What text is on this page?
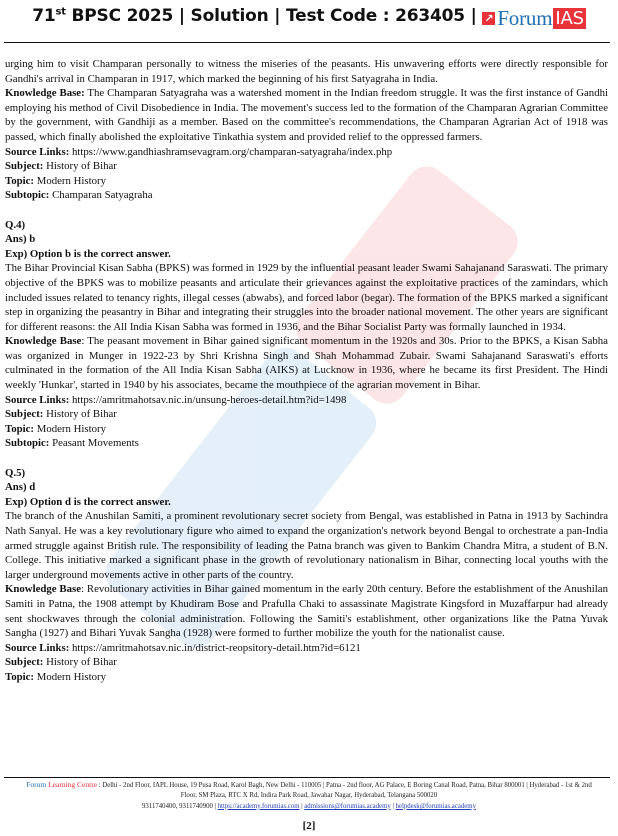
71st BPSC 2025 | Solution | Test Code : 263405 | ↗ Forum IAS

urging him to visit Champaran personally to witness the miseries of the peasants. His unwavering efforts were directly responsible for Gandhi's arrival in Champaran in 1917, which marked the beginning of his first Satyagraha in India.

Knowledge Base: The Champaran Satyagraha was a watershed moment in the Indian freedom struggle. It was the first instance of Gandhi employing his method of Civil Disobedience in India. The movement's success led to the formation of the Champaran Agrarian Committee by the government, with Gandhiji as a member. Based on the committee's recommendations, the Champaran Agrarian Act of 1918 was passed, which finally abolished the exploitative Tinkathia system and provided relief to the oppressed farmers.

Source Links: https://www.gandhiashramsevagram.org/champaran-satyagraha/index.php

Subject: History of Bihar

Topic: Modern History

Subtopic: Champaran Satyagraha

Q.4)

Ans) b

Exp) Option b is the correct answer.

The Bihar Provincial Kisan Sabha (BPKS) was formed in 1929 by the influential peasant leader Swami Sahajanand Saraswati. The primary objective of the BPKS was to mobilize peasants and articulate their grievances against the exploitative practices of the zamindars, which included issues related to tenancy rights, illegal cesses (abwabs), and forced labor (begar). The formation of the BPKS marked a significant step in organizing the peasantry in Bihar and integrating their struggles into the broader national movement. The other years are significant for different reasons: the All India Kisan Sabha was formed in 1936, and the Bihar Socialist Party was formally launched in 1934.

Knowledge Base: The peasant movement in Bihar gained significant momentum in the 1920s and 30s. Prior to the BPKS, a Kisan Sabha was organized in Munger in 1922-23 by Shri Krishna Singh and Shah Mohammad Zubair. Swami Sahajanand Saraswati's efforts culminated in the formation of the All India Kisan Sabha (AIKS) at Lucknow in 1936, where he became its first President. The Hindi weekly 'Hunkar', started in 1940 by his associates, became the mouthpiece of the agrarian movement in Bihar.

Source Links: https://amritmahotsav.nic.in/unsung-heroes-detail.htm?id=1498

Subject: History of Bihar

Topic: Modern History

Subtopic: Peasant Movements

Q.5)

Ans) d

Exp) Option d is the correct answer.

The branch of the Anushilan Samiti, a prominent revolutionary secret society from Bengal, was established in Patna in 1913 by Sachindra Nath Sanyal. He was a key revolutionary figure who aimed to expand the organization's network beyond Bengal to orchestrate a pan-India armed struggle against British rule. The responsibility of leading the Patna branch was given to Bankim Chandra Mitra, a student of B.N. College. This initiative marked a significant phase in the growth of revolutionary nationalism in Bihar, connecting local youths with the larger underground movements active in other parts of the country.

Knowledge Base: Revolutionary activities in Bihar gained momentum in the early 20th century. Before the establishment of the Anushilan Samiti in Patna, the 1908 attempt by Khudiram Bose and Prafulla Chaki to assassinate Magistrate Kingsford in Muzaffarpur had already sent shockwaves through the colonial administration. Following the Samiti's establishment, other organizations like the Patna Yuvak Sangha (1927) and Bihari Yuvak Sangha (1928) were formed to further mobilize the youth for the nationalist cause.

Source Links: https://amritmahotsav.nic.in/district-reopsitory-detail.htm?id=6121

Subject: History of Bihar

Topic: Modern History

Forum Learning Centre : Delhi - 2nd Floor, IAPL House, 19 Pusa Road, Karol Bagh, New Delhi - 110005 | Patna - 2nd floor, AG Palace, E Boring Canal Road, Patna, Bihar 800001 | Hyderabad - 1st & 2nd Floor, SM Plaza, RTC X Rd, Indira Park Road, Jawahar Nagar, Hyderabad, Telangana 500020
9311740400, 9311740900 | https://academy.forumias.com | admissions@forumias.academy | helpdesk@forumias.academy
[2]
